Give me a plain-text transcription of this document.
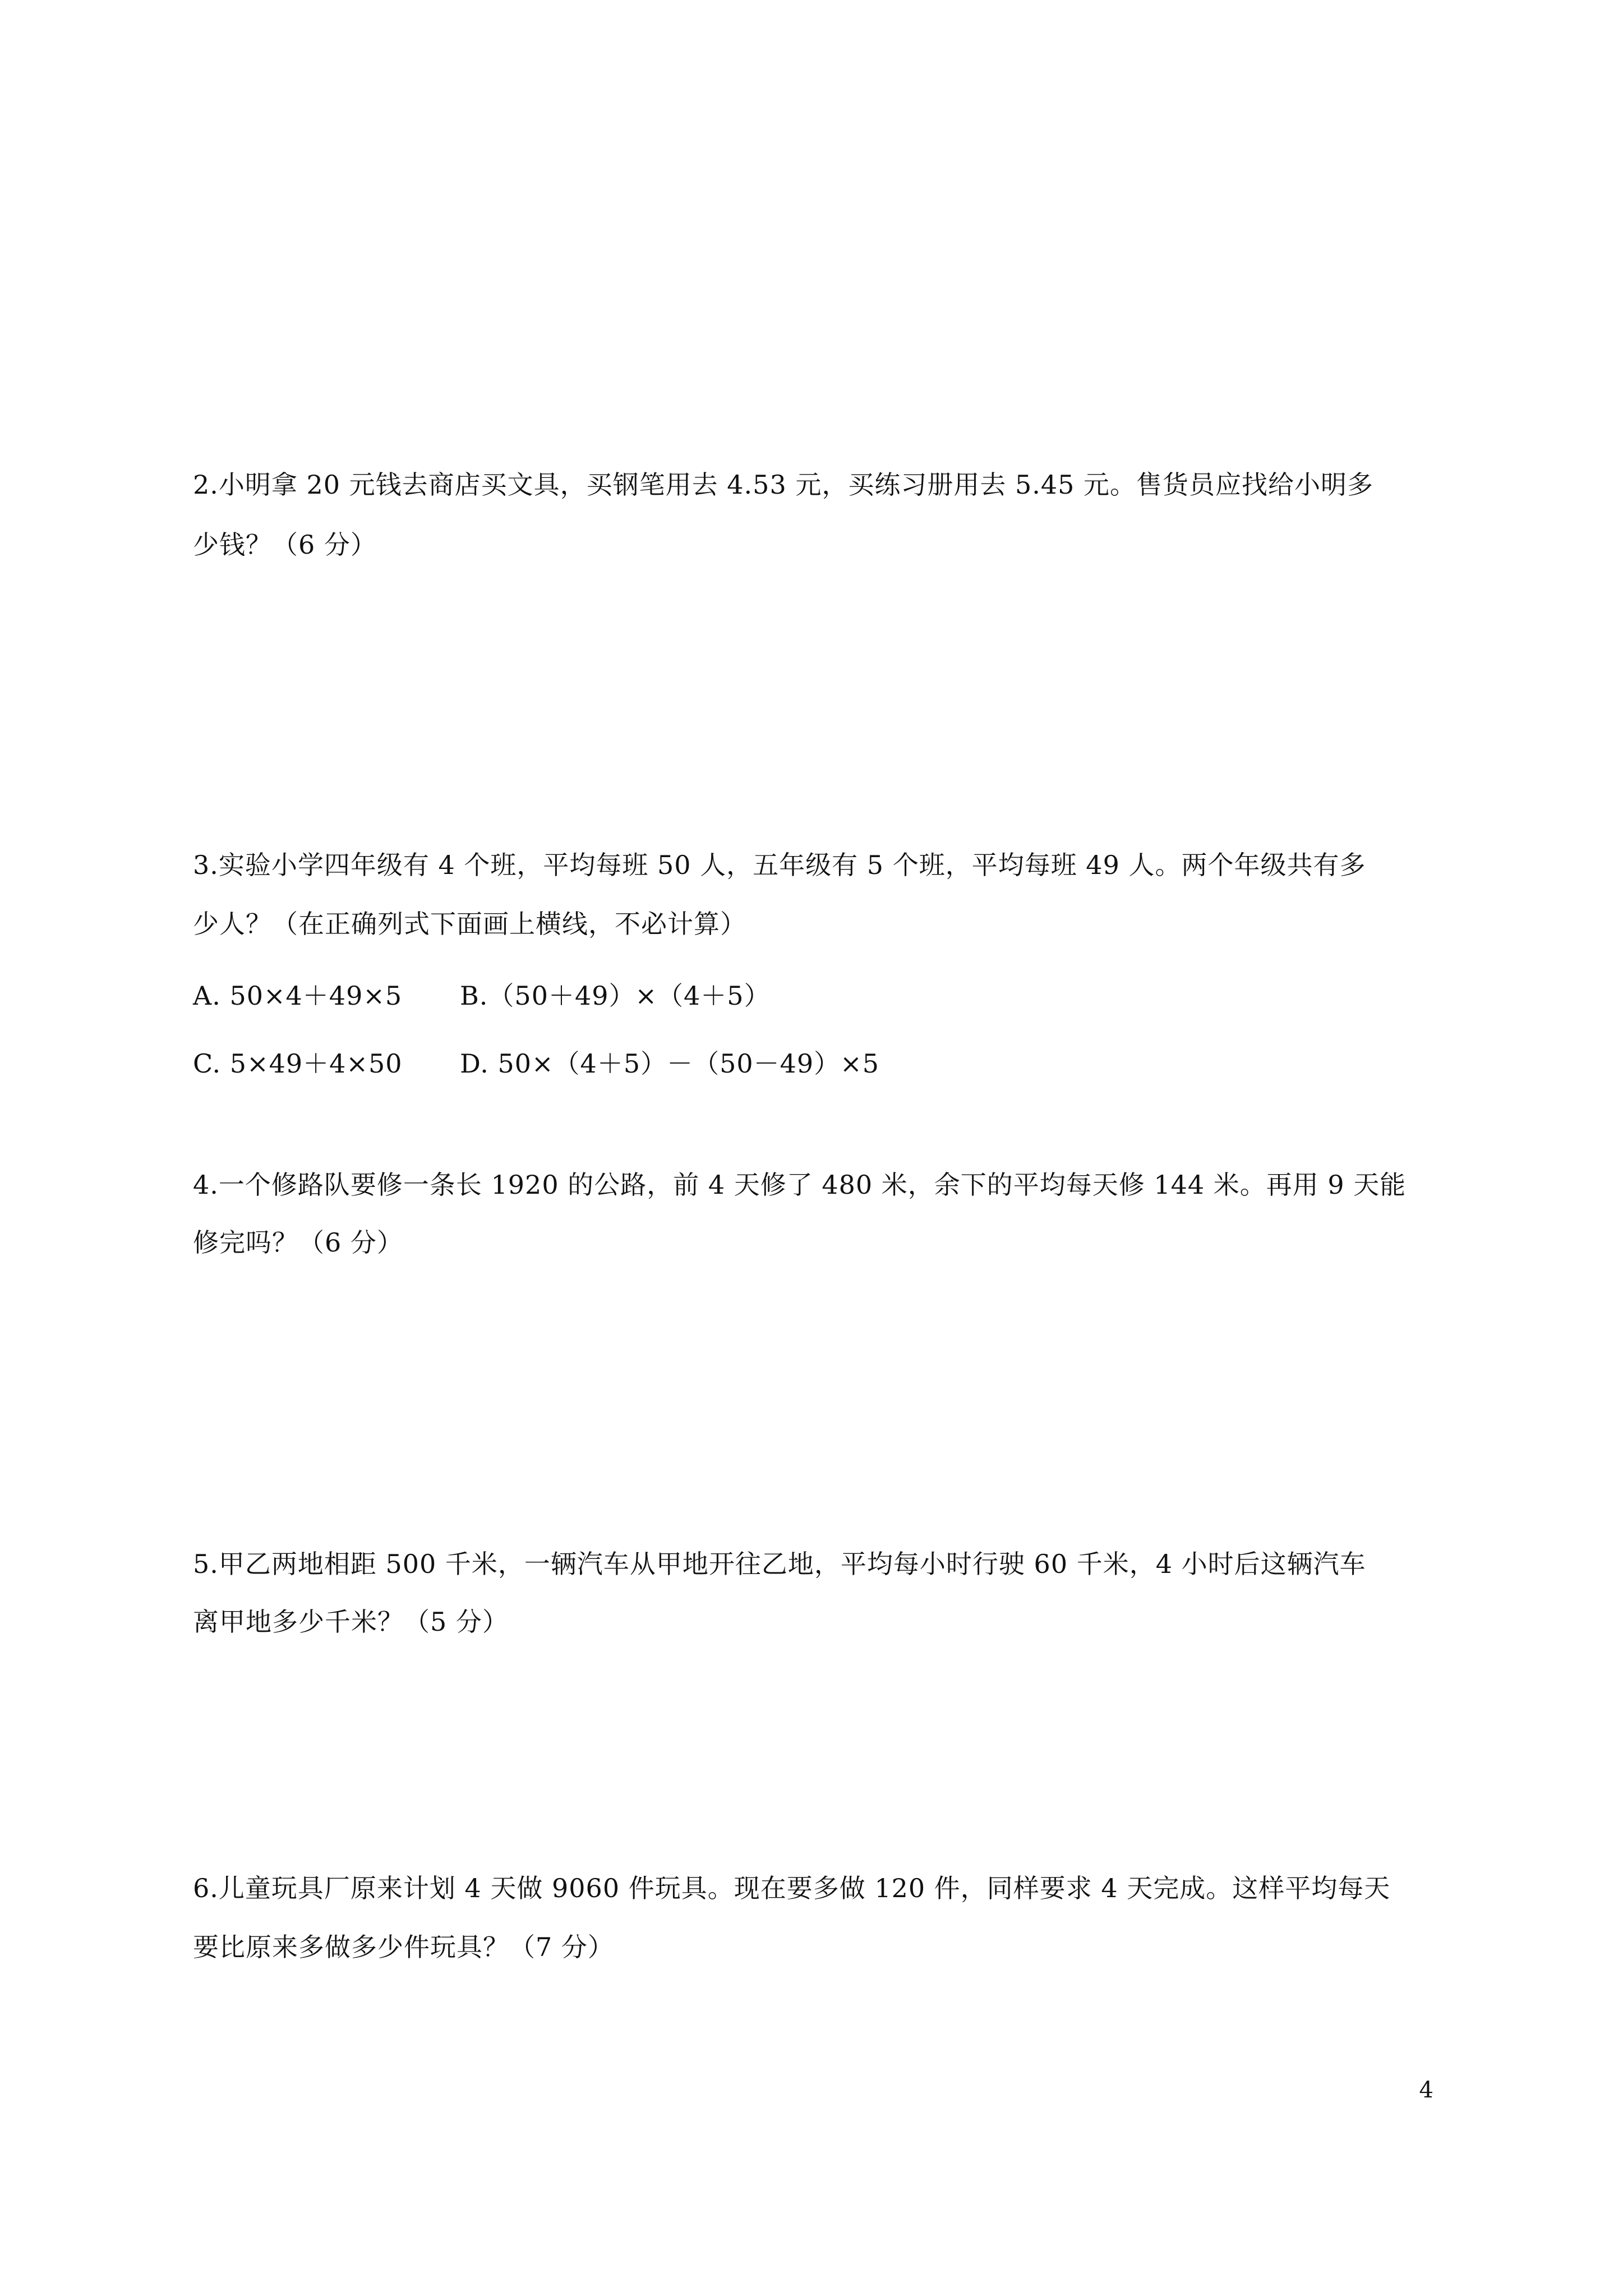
2.小明拿 20 元钱去商店买文具，买钢笔用去 4.53 元，买练习册用去 5.45 元。售货员应找给小明多
少钱？（6 分）
3.实验小学四年级有 4 个班，平均每班 50 人，五年级有 5 个班，平均每班 49 人。两个年级共有多
少人？（在正确列式下面画上横线，不必计算）
A. 50×4＋49×5 B.（50＋49）×（4＋5）
C. 5×49＋4×50 D. 50×（4＋5）－（50－49）×5
4.一个修路队要修一条长 1920 的公路，前 4 天修了 480 米，余下的平均每天修 144 米。再用 9 天能
修完吗？（6 分）
5.甲乙两地相距 500 千米，一辆汽车从甲地开往乙地，平均每小时行驶 60 千米，4 小时后这辆汽车
离甲地多少千米？（5 分）
6.儿童玩具厂原来计划 4 天做 9060 件玩具。现在要多做 120 件，同样要求 4 天完成。这样平均每天
要比原来多做多少件玩具？（7 分）
4
